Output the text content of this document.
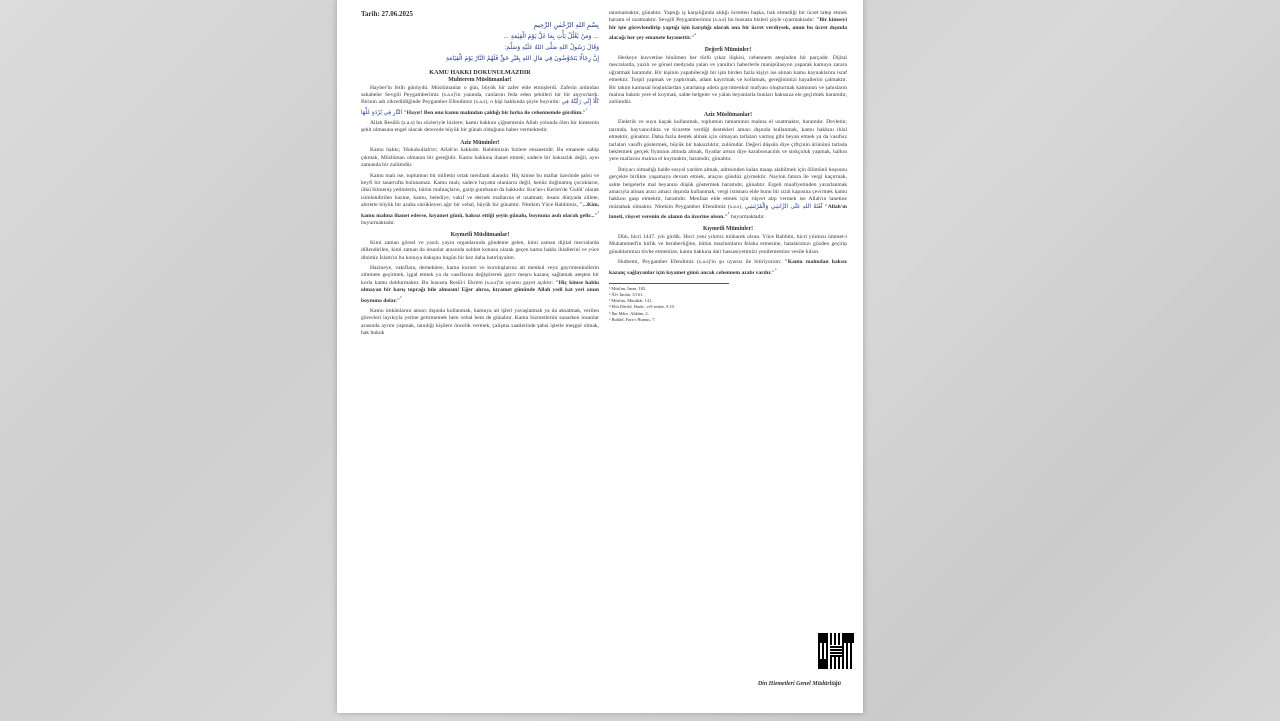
Tarih: 27.06.2025
بِسْمِ اللهِ الرَّحْمٰنِ الرَّحِيمِ
... وَمَنْ يَغْلُلْ يَأْتِ بِمَا غَلَّ يَوْمَ الْقِيٰمَةِ ...
وَقَالَ رَسُولُ اللهِ صَلَّى اللهُ عَلَيْهِ وَسَلَّمَ:
إِنَّ رِجَالًا يَتَخَوَّضُونَ فِي مَالِ اللهِ بِغَيْرِ حَقٍّ فَلَهُمُ النَّارُ يَوْمَ الْقِيَامَةِ
KAMU HAKKI DOKUNULMAZDIR
Muhterem Müslümanlar!

Hayber'in fetih günüydü. Müslümanlar o gün, büyük bir zafer elde etmişlerdi. Zaferin ardından sahabeler Sevgili Peygamberimiz (s.a.s)'in yanında, canlarını feda eden şehitleri bir bir anıyorlardı. Birinin adı zikredildiğinde Peygamber Efendimiz (s.a.s), o kişi hakkında şöyle buyurdu: كَلَّا إِنِّي رَأَيْتُهُ فِي النَّارِ فِي بُرْدَةٍ غَلَّهَا "Hayır! Ben onu kamu malından çaldığı bir hırka ile cehennemde gördüm."$^{^1}$

Allah Resûlü (s.a.s) bu sözleriyle bizlere; kamu hakkını çiğnemenin Allah yolunda ölen bir kimsenin şehit olmasına engel olacak derecede büyük bir günah olduğunu haber vermektedir.

Aziz Müminler!

Kamu hakkı; 'Hukukullah'tır; Allah'ın hakkıdır. Rabbimizin bizlere emanetidir. Bu emanete sahip çıkmak, Müslüman olmanın bir gereğidir. Kamu hakkına ihanet etmek; sadece bir haksızlık değil, aynı zamanda bir zulümdür.

Kamu malı ise, toplumun bir milletin ortak menfaati alanıdır. Hiç kimse bu mallar üzerinde şahsi ve keyfi bir tasarrufta bulunamaz. Kamu malı; sadece hayatta olanların değil, henüz doğmamış çocukların, ülkü bilmeniş yetimlerin, bütün muhtaçların, garip gurebanın da hakkıdır. Kur'an-ı Kerim'de 'Gulûl' olarak isimlendirilen hazine, kamu, belediye, vakıf ve dernek mallarına el uzatmak; insanı dünyada zillete, ahirette büyük bir azaba sürükleyen ağır bir vebal, büyük bir günahtır. Nitekim Yüce Rabbimiz, "...Kim, kamu malına ihanet ederse, kıyamet günü, haksız ettiği şeyin günahı, boynuna asılı olarak gelir..."$^{^2}$ buyurmaktadır.

Kıymetli Müslümanlar!

Kimi zaman görsel ve yazılı yayın organlarında gündeme gelen, kimi zaman dijital mecralarda dillendirilen, kimi zaman da insanlar arasında sohbet konusu olarak geçen kamu hakkı ihlallerini ve yüce dinimiz İslam'ın bu konuya bakışını bugün bir kez daha hatırlayalım.

Hazineye, vakıflara, derneklere, kamu kurum ve kuruluşlarına ait menkul veya gayrimenkullerin zimmete geçirmek, işgal etmek ya da vasıflarını değiştirerek gayrı meşru kazanç sağlamak ateşten bir korla kamu doldurmaktır. Bu hususta Resûl-i Ekrem (s.a.s)'in uyarısı gayet açıktır: "Hiç kimse hakkı olmayan bir karış toprağı bile almasın! Eğer alırsa, kıyamet gününde Allah yedi kat yeri onun boynuna dolar."$^{^3}$

Kamu imkânlarını amacı dışında kullanmak, kamuya ait işleri yavaşlatmak ya da aksatmak, verilen görevleri layıkıyla yerine getirmemek hem vebal hem de günahtır. Kamu hizmetlerini sunarken insanlar arasında ayrım yapmak, tanıdığı kişilere öncelik vermek, çalışma saatlerinde şahsi işlerle meşgul olmak, hak hukuk

tanımamaktır, günahtır. Yaptığı iş karşılığında aldığı ücretten başka, hak etmediği bir ücret talep etmek haramı el uzatmaktır. Sevgili Peygamberimiz (s.a.s) bu hususta bizleri şöyle uyarmaktadır: "Bir kimseyi bir işte görevlendirip yaptığı işin karşılığı olarak ona bir ücret verdiysek, onun bu ücret dışında alacağı her şey emanete hıyanettir."$^{^4}$

Değerli Müminler!

Herkeye kuvvetine binilmen her türlü çıkar ilişkisi, cehennem ateşinden bir parçadır. Dijital mecralarda, yazılı ve görsel medyada yalan ve yanıltıcı haberlerle manipülasyon yaparak kamuya zarara uğratmak haramdır. Bir kişinin yapabileceği bir işin birden fazla kişiyi ise alınan kamu kaynaklarını israf etmektir. Torpil yapmak ve yaptırmak, adam kayırmak ve kollamak, gereğinimizi hayallerini çalmaktır. Bir takım kamusal hoşluklardan yararlanıp adeta gayrimenkul mafyası oluşturmak kamunun ve şahısların malına bakım yere el koymak, sahte belgeler ve yalan beyanlarla bunları hakssıza ele geçirmek haramdır, zulümdür.

Aziz Müslümanlar!

Elektrik ve suyu kaçak kullanmak, toplumun tamamının malına el uzatmaktır, haramdır. Devletin; tarımda, hayvancılıkta ve ticarette verdiği destekleri amacı dışında kullanmak, kamu hakkını ihlal etmektir, günahtır. Daha fazla destek almak için olmayan tarlaları varmış gibi beyan etmek ya da vasıfsız tarlaları vasıflı göstermek, büyük bir haksızlıktır, zulümdür. Değeri düşsün diye çiftçinin ürününü tarlada bekletmek gerçek fiyatının altında almak, fiyatlar artsın diye karaborsacılık ve stokçuluk yapmak, halkın yere mallarını malına el koymaktır, haramdır, günahtır.

İhtiyacı olmadığı halde sosyal yardım almak, adresinden kalan maaşı alabilmek için ölümünü hoşsunu gerçekte birlikte yaşamaya devam etmek, araçını gündüz giymektir. Naylon fatura ile vergi kaçırmak, sahte belgelerle mal beyanını düşük göstermek haramdır, günahtır. Ergeli muafiyetinden yararlanmak amacıyla alınan aracı amacı dışında kullanmak, vergi istisnası elde bunu bir ızral kapısına çevirmek kamu hakkını gasp etmektir, haramdır. Menfaat elde etmek için rüşvet alıp vermek ise Allah'ın lanetine müstahak olmaktır. Nitekim Peygamber Efendimiz (s.a.s), لَعْنَةُ اللهِ عَلَى الرَّاشِي وَالْمُرْتَشِي "Allah'ın laneti, rüşvet verenin de alanın da üzerine olsun."$^{^5}$ buyurmaktadır.

Kıymetli Müminler!

Dün, hicri 1447. yılı girdik. Hicri yeni yılımız mübarek olsun. Yüce Rabbim, hicri yılımızı ümmet-i Muhammed'in birlik ve beraberliğine, bütün mazlumların felaha ermesine, hatalarımızı gözden geçirip günahlarımızı tövbe etmemize, kamu hakkına dair hassasiyetimizi yenilememize vesile kılsın.

Hutbemi, Peygamber Efendimiz (s.a.s)'in şu uyarısı ile bitiriyorum: "Kamu malından haksız kazanç sağlayanlar için kıyamet günü ancak cehennem azabı vardır."$^{^6}$

¹ Müslim, İman, 182.
² Âl-i İmrân, 3/161.
³ Müslim, Müsâkât, 141.
⁴ Ebû Dâvûd, Harâc, ve'l-imâre, 9,10.
⁵ İbn Mâce, Ahkâm, 2.
⁶ Buhârî, Farz-ı Humus, 7.
Din Hizmetleri Genel Müdürlüğü
